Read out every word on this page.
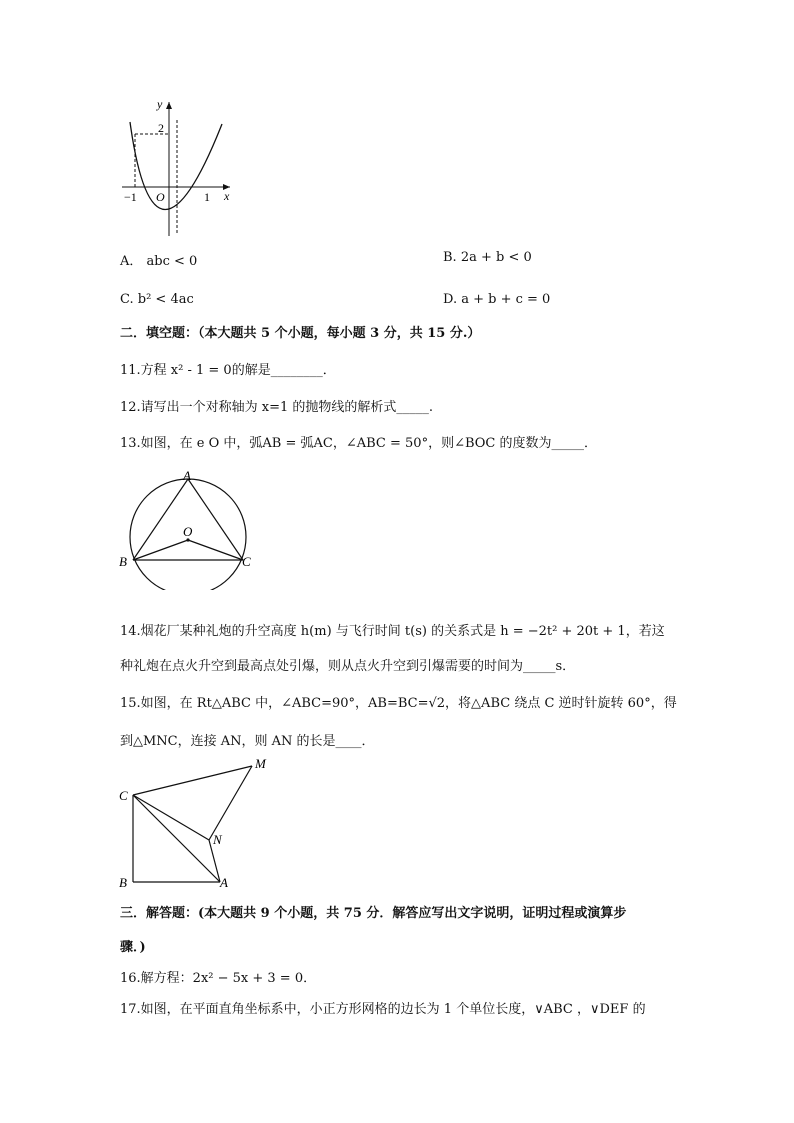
y
x
2
−1 O	1
A． abc < 0	B. 2a + b < 0
C. b² < 4ac	D. a + b + c = 0
二．填空题：（本大题共 5 个小题，每小题 3 分，共 15 分.）
11.方程 x² - 1 = 0的解是________．
12.请写出一个对称轴为 x=1 的抛物线的解析式_____.
13.如图，在 e O 中，弧AB = 弧AC，∠ABC = 50°，则∠BOC 的度数为_____．
A
O
B	C
14.烟花厂某种礼炮的升空高度 h(m) 与飞行时间 t(s) 的关系式是 h = −2t² + 20t + 1，若这
种礼炮在点火升空到最高点处引爆，则从点火升空到引爆需要的时间为_____s．
15.如图，在 Rt△ABC 中，∠ABC=90°，AB=BC=√2，将△ABC 绕点 C 逆时针旋转 60°，得
到△MNC，连接 AN，则 AN 的长是____．
M
C
N
B	A
三．解答题：(本大题共 9 个小题，共 75 分．解答应写出文字说明，证明过程或演算步
骤．)
16.解方程：2x² − 5x + 3 = 0．
17.如图，在平面直角坐标系中，小正方形网格的边长为 1 个单位长度，∨ABC ，∨DEF 的
